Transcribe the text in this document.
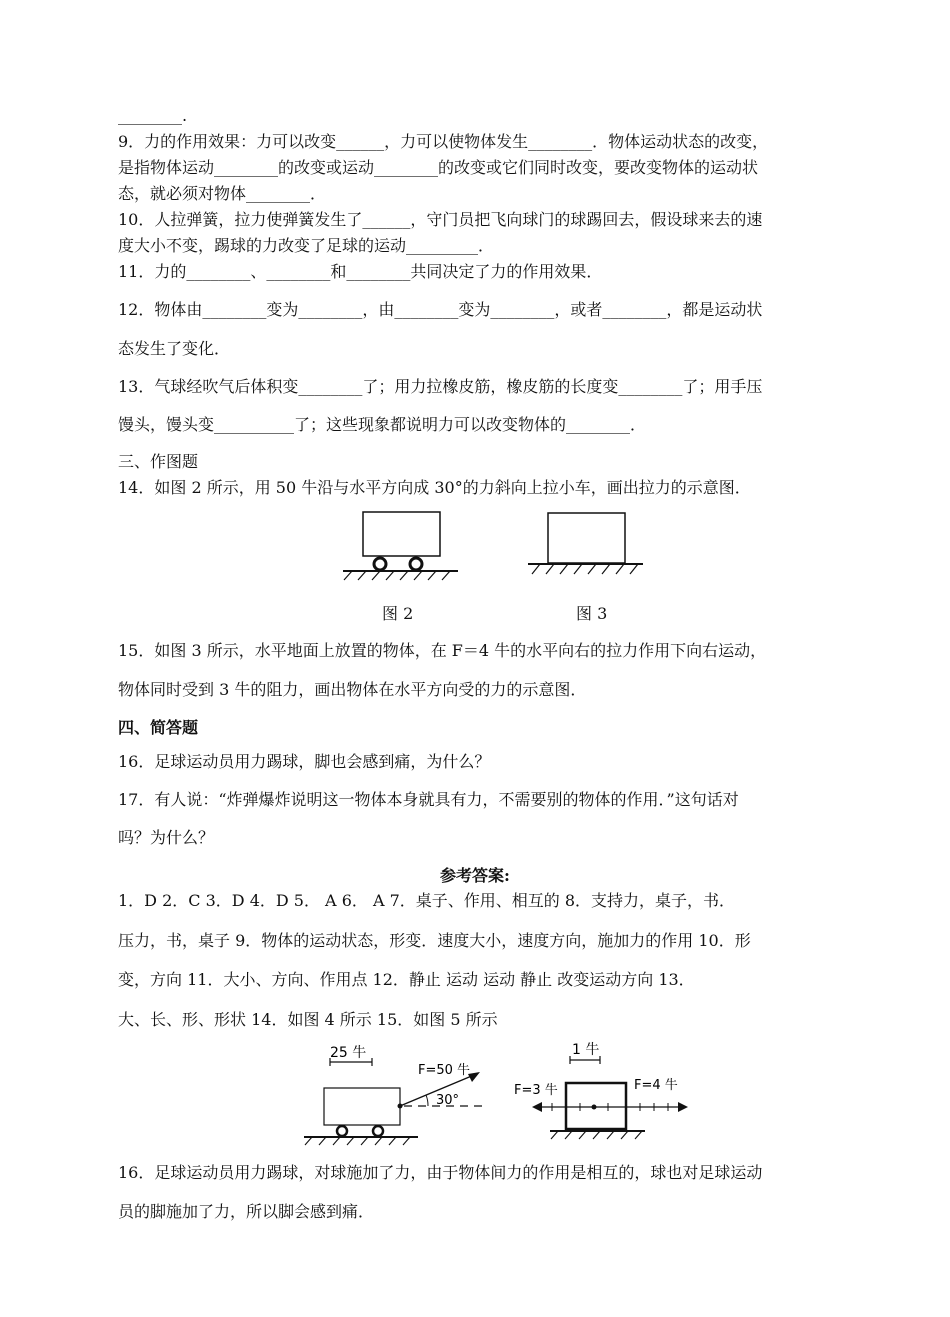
________.
9．力的作用效果：力可以改变______，力可以使物体发生________．物体运动状态的改变，
是指物体运动________的改变或运动________的改变或它们同时改变，要改变物体的运动状
态，就必须对物体________．
10．人拉弹簧，拉力使弹簧发生了______，守门员把飞向球门的球踢回去，假设球来去的速
度大小不变，踢球的力改变了足球的运动_________．
11．力的________、________和________共同决定了力的作用效果．
12．物体由________变为________，由________变为________，或者________，都是运动状
态发生了变化．
13．气球经吹气后体积变________了；用力拉橡皮筋，橡皮筋的长度变________了；用手压
馒头，馒头变__________了；这些现象都说明力可以改变物体的________．
三、作图题
14．如图 2 所示，用 50 牛沿与水平方向成 30°的力斜向上拉小车，画出拉力的示意图．
图 2	图 3
15．如图 3 所示，水平地面上放置的物体，在 F＝4 牛的水平向右的拉力作用下向右运动，
物体同时受到 3 牛的阻力，画出物体在水平方向受的力的示意图．
四、简答题
16．足球运动员用力踢球，脚也会感到痛，为什么？
17．有人说：“炸弹爆炸说明这一物体本身就具有力，不需要别的物体的作用．”这句话对
吗？为什么？
参考答案:
1．D 2．C 3．D 4．D 5． A 6． A 7．桌子、作用、相互的 8．支持力，桌子，书．
压力，书，桌子 9．物体的运动状态，形变．速度大小，速度方向，施加力的作用 10．形
变，方向 11．大小、方向、作用点 12．静止 运动 运动 静止 改变运动方向 13．
大、长、形、形状 14．如图 4 所示 15．如图 5 所示
25 牛
F=50 牛
30°
1 牛
F=3 牛	F=4 牛
16．足球运动员用力踢球，对球施加了力，由于物体间力的作用是相互的，球也对足球运动
员的脚施加了力，所以脚会感到痛．
